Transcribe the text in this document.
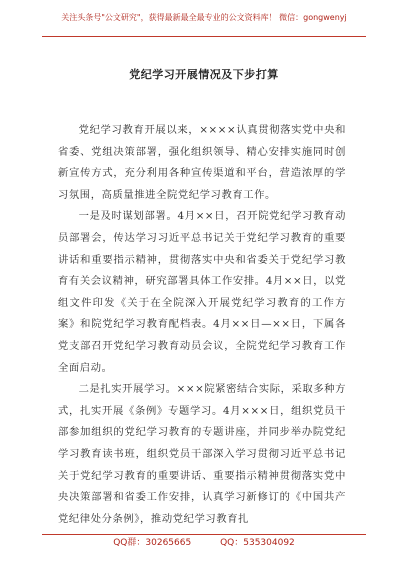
关注头条号"公文研究"，获得最新最全最专业的公文资料库！ 微信：gongwenyj
党纪学习开展情况及下步打算

党纪学习教育开展以来，××××认真贯彻落实党中央和省委、党组决策部署，强化组织领导、精心安排实施同时创新宣传方式，充分利用各种宣传渠道和平台，营造浓厚的学习氛围，高质量推进全院党纪学习教育工作。

一是及时谋划部署。4月××日，召开院党纪学习教育动员部署会，传达学习习近平总书记关于党纪学习教育的重要讲话和重要指示精神，贯彻落实中央和省委关于党纪学习教育有关会议精神，研究部署具体工作安排。4月××日，以党组文件印发《关于在全院深入开展党纪学习教育的工作方案》和院党纪学习教育配档表。4月××日—××日，下属各党支部召开党纪学习教育动员会议，全院党纪学习教育工作全面启动。

二是扎实开展学习。×××院紧密结合实际，采取多种方式，扎实开展《条例》专题学习。4月×××日，组织党员干部参加组织的党纪学习教育的专题讲座，并同步举办院党纪学习教育读书班，组织党员干部深入学习贯彻习近平总书记关于党纪学习教育的重要讲话、重要指示精神贯彻落实党中央决策部署和省委工作安排，认真学习新修订的《中国共产党纪律处分条例》，推动党纪学习教育扎

QQ群：30265665	QQ：535304092
